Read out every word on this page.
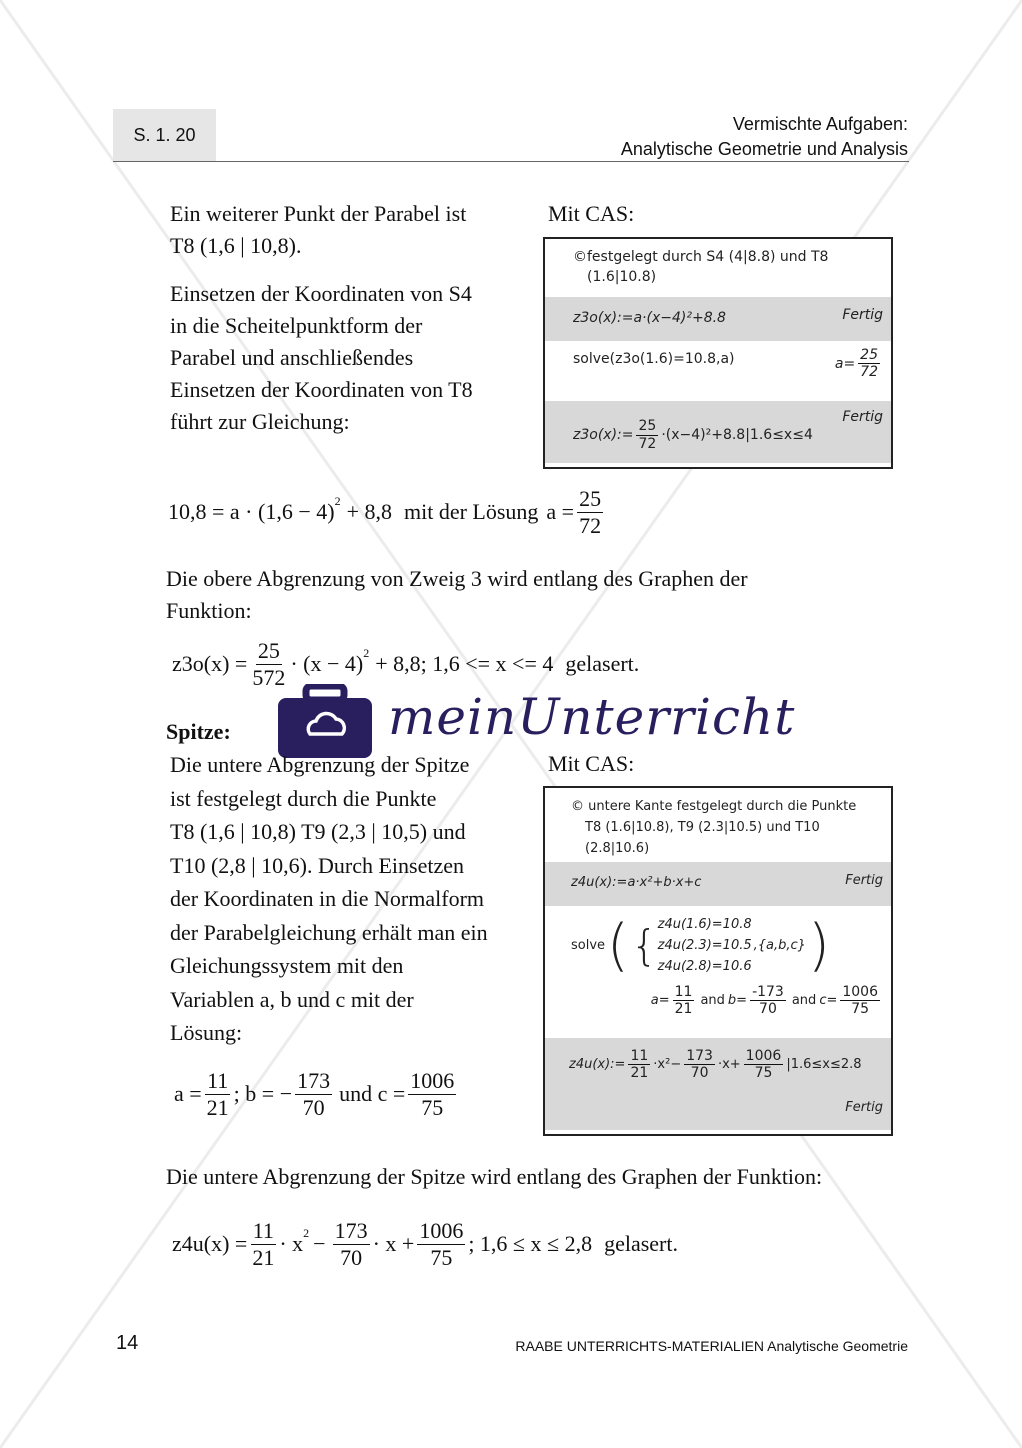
S. 1. 20
Vermischte Aufgaben:
Analytische Geometrie und Analysis
Ein weiterer Punkt der Parabel ist
T8 (1,6 | 10,8).
Einsetzen der Koordinaten von S4
in die Scheitelpunktform der
Parabel und anschließendes
Einsetzen der Koordinaten von T8
führt zur Gleichung:
Mit CAS:
©festgelegt durch S4 (4|8.8) und T8
(1.6|10.8)
z3o(x):=a·(x−4)²+8.8	Fertig
solve(z3o(1.6)=10.8,a)	$a= \frac{25}{72}$
z3o(x):= $\frac{25}{72} \cdot(x-4)^2+8.8|1.6\le x\le 4$
Fertig
$10,8 = a \cdot (1,6 - 4)^2 + 8,8$ mit der Lösung $a = \frac{25}{72}$
Die obere Abgrenzung von Zweig 3 wird entlang des Graphen der
Funktion:
$z3o(x) = \frac{25}{572} \cdot (x - 4)^2 + 8,8$; 1,6 <= x <= 4 gelasert.
meinUnterricht
Spitze:
Die untere Abgrenzung der Spitze
ist festgelegt durch die Punkte
T8 (1,6 | 10,8) T9 (2,3 | 10,5) und
T10 (2,8 | 10,6). Durch Einsetzen
der Koordinaten in die Normalform
der Parabelgleichung erhält man ein
Gleichungssystem mit den
Variablen a, b und c mit der
Lösung:
Mit CAS:
© untere Kante festgelegt durch die Punkte
T8 (1.6|10.8), T9 (2.3|10.5) und T10
(2.8|10.6)
z4u(x):=a·x²+b·x+c	Fertig
solve ( { z4u(1.6)=10.8
z4u(2.3)=10.5
z4u(2.8)=10.6
,{a,b,c} )
$a= \frac{11}{21}$ and $b= \frac{-173}{70}$ and $c= \frac{1006}{75}$
z4u(x):= $\frac{11}{21} \cdot x^2- \frac{173}{70} \cdot x+ \frac{1006}{75} |1.6\le x\le 2.8$
Fertig
$a = \frac{11}{21}$ ; b = − $\frac{173}{70}$ und $c = \frac{1006}{75}$
Die untere Abgrenzung der Spitze wird entlang des Graphen der Funktion:
$z4u(x) = \frac{11}{21} \cdot x^2 - \frac{173}{70} \cdot x + \frac{1006}{75}$ ; 1,6 ≤ x ≤ 2,8 gelasert.
14	RAABE UNTERRICHTS-MATERIALIEN Analytische Geometrie
